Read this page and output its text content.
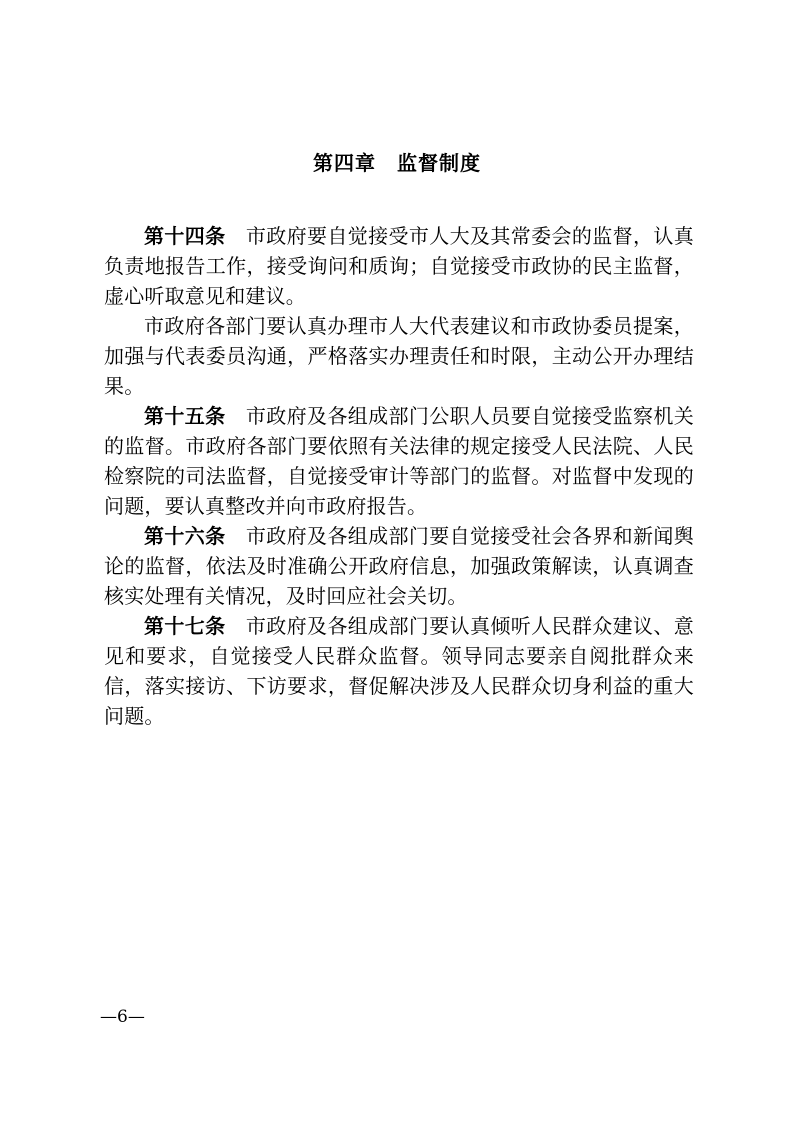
第四章　监督制度

第十四条　 市政府要自觉接受市人大及其常委会的监督，认真负责地报告工作，接受询问和质询；自觉接受市政协的民主监督，虚心听取意见和建议。

市政府各部门要认真办理市人大代表建议和市政协委员提案，加强与代表委员沟通，严格落实办理责任和时限，主动公开办理结果。

第十五条　 市政府及各组成部门公职人员要自觉接受监察机关的监督。市政府各部门要依照有关法律的规定接受人民法院、人民检察院的司法监督，自觉接受审计等部门的监督。对监督中发现的问题，要认真整改并向市政府报告。

第十六条　 市政府及各组成部门要自觉接受社会各界和新闻舆论的监督，依法及时准确公开政府信息，加强政策解读，认真调查核实处理有关情况，及时回应社会关切。

第十七条　 市政府及各组成部门要认真倾听人民群众建议、意见和要求，自觉接受人民群众监督。领导同志要亲自阅批群众来信，落实接访、下访要求，督促解决涉及人民群众切身利益的重大问题。

—6—
